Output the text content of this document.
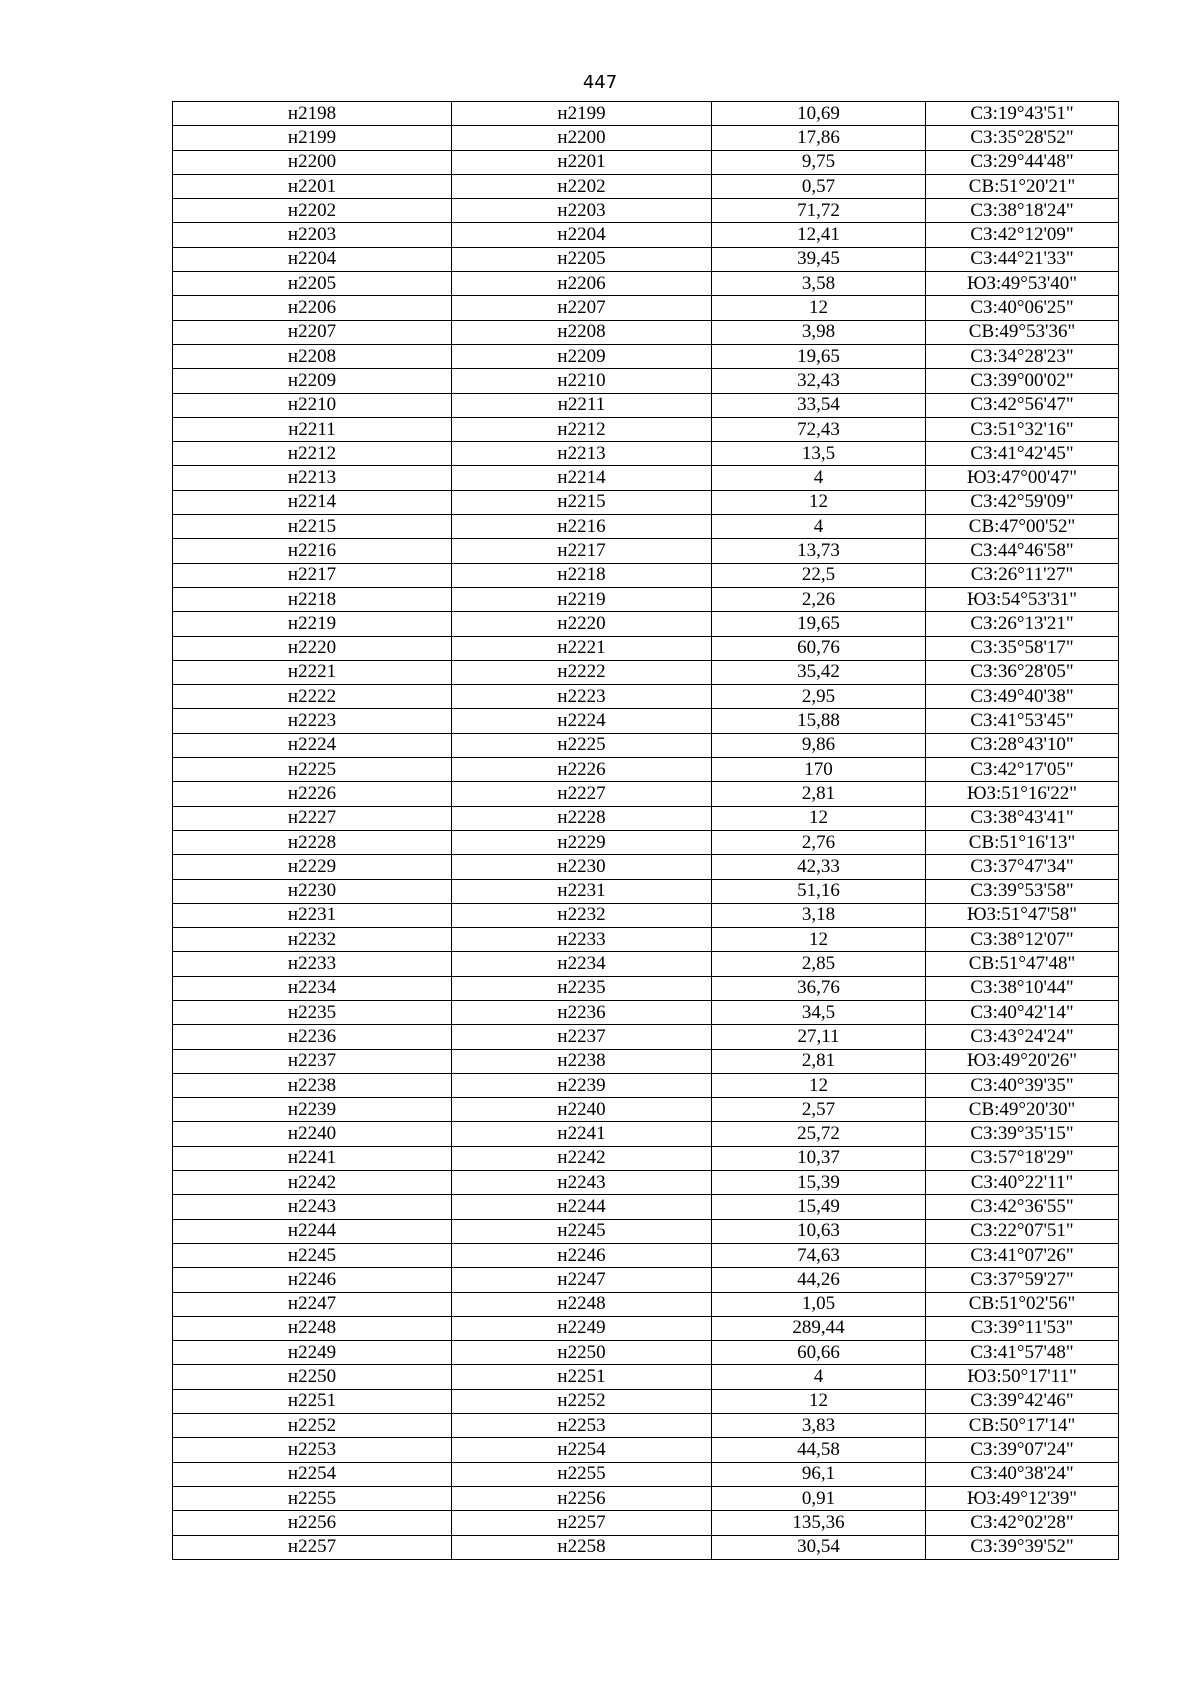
447
н2198	н2199	10,69	СЗ:19°43'51"
н2199	н2200	17,86	СЗ:35°28'52"
н2200	н2201	9,75	СЗ:29°44'48"
н2201	н2202	0,57	СВ:51°20'21"
н2202	н2203	71,72	СЗ:38°18'24"
н2203	н2204	12,41	СЗ:42°12'09"
н2204	н2205	39,45	СЗ:44°21'33"
н2205	н2206	3,58	ЮЗ:49°53'40"
н2206	н2207	12	СЗ:40°06'25"
н2207	н2208	3,98	СВ:49°53'36"
н2208	н2209	19,65	СЗ:34°28'23"
н2209	н2210	32,43	СЗ:39°00'02"
н2210	н2211	33,54	СЗ:42°56'47"
н2211	н2212	72,43	СЗ:51°32'16"
н2212	н2213	13,5	СЗ:41°42'45"
н2213	н2214	4	ЮЗ:47°00'47"
н2214	н2215	12	СЗ:42°59'09"
н2215	н2216	4	СВ:47°00'52"
н2216	н2217	13,73	СЗ:44°46'58"
н2217	н2218	22,5	СЗ:26°11'27"
н2218	н2219	2,26	ЮЗ:54°53'31"
н2219	н2220	19,65	СЗ:26°13'21"
н2220	н2221	60,76	СЗ:35°58'17"
н2221	н2222	35,42	СЗ:36°28'05"
н2222	н2223	2,95	СЗ:49°40'38"
н2223	н2224	15,88	СЗ:41°53'45"
н2224	н2225	9,86	СЗ:28°43'10"
н2225	н2226	170	СЗ:42°17'05"
н2226	н2227	2,81	ЮЗ:51°16'22"
н2227	н2228	12	СЗ:38°43'41"
н2228	н2229	2,76	СВ:51°16'13"
н2229	н2230	42,33	СЗ:37°47'34"
н2230	н2231	51,16	СЗ:39°53'58"
н2231	н2232	3,18	ЮЗ:51°47'58"
н2232	н2233	12	СЗ:38°12'07"
н2233	н2234	2,85	СВ:51°47'48"
н2234	н2235	36,76	СЗ:38°10'44"
н2235	н2236	34,5	СЗ:40°42'14"
н2236	н2237	27,11	СЗ:43°24'24"
н2237	н2238	2,81	ЮЗ:49°20'26"
н2238	н2239	12	СЗ:40°39'35"
н2239	н2240	2,57	СВ:49°20'30"
н2240	н2241	25,72	СЗ:39°35'15"
н2241	н2242	10,37	СЗ:57°18'29"
н2242	н2243	15,39	СЗ:40°22'11"
н2243	н2244	15,49	СЗ:42°36'55"
н2244	н2245	10,63	СЗ:22°07'51"
н2245	н2246	74,63	СЗ:41°07'26"
н2246	н2247	44,26	СЗ:37°59'27"
н2247	н2248	1,05	СВ:51°02'56"
н2248	н2249	289,44	СЗ:39°11'53"
н2249	н2250	60,66	СЗ:41°57'48"
н2250	н2251	4	ЮЗ:50°17'11"
н2251	н2252	12	СЗ:39°42'46"
н2252	н2253	3,83	СВ:50°17'14"
н2253	н2254	44,58	СЗ:39°07'24"
н2254	н2255	96,1	СЗ:40°38'24"
н2255	н2256	0,91	ЮЗ:49°12'39"
н2256	н2257	135,36	СЗ:42°02'28"
н2257	н2258	30,54	СЗ:39°39'52"
